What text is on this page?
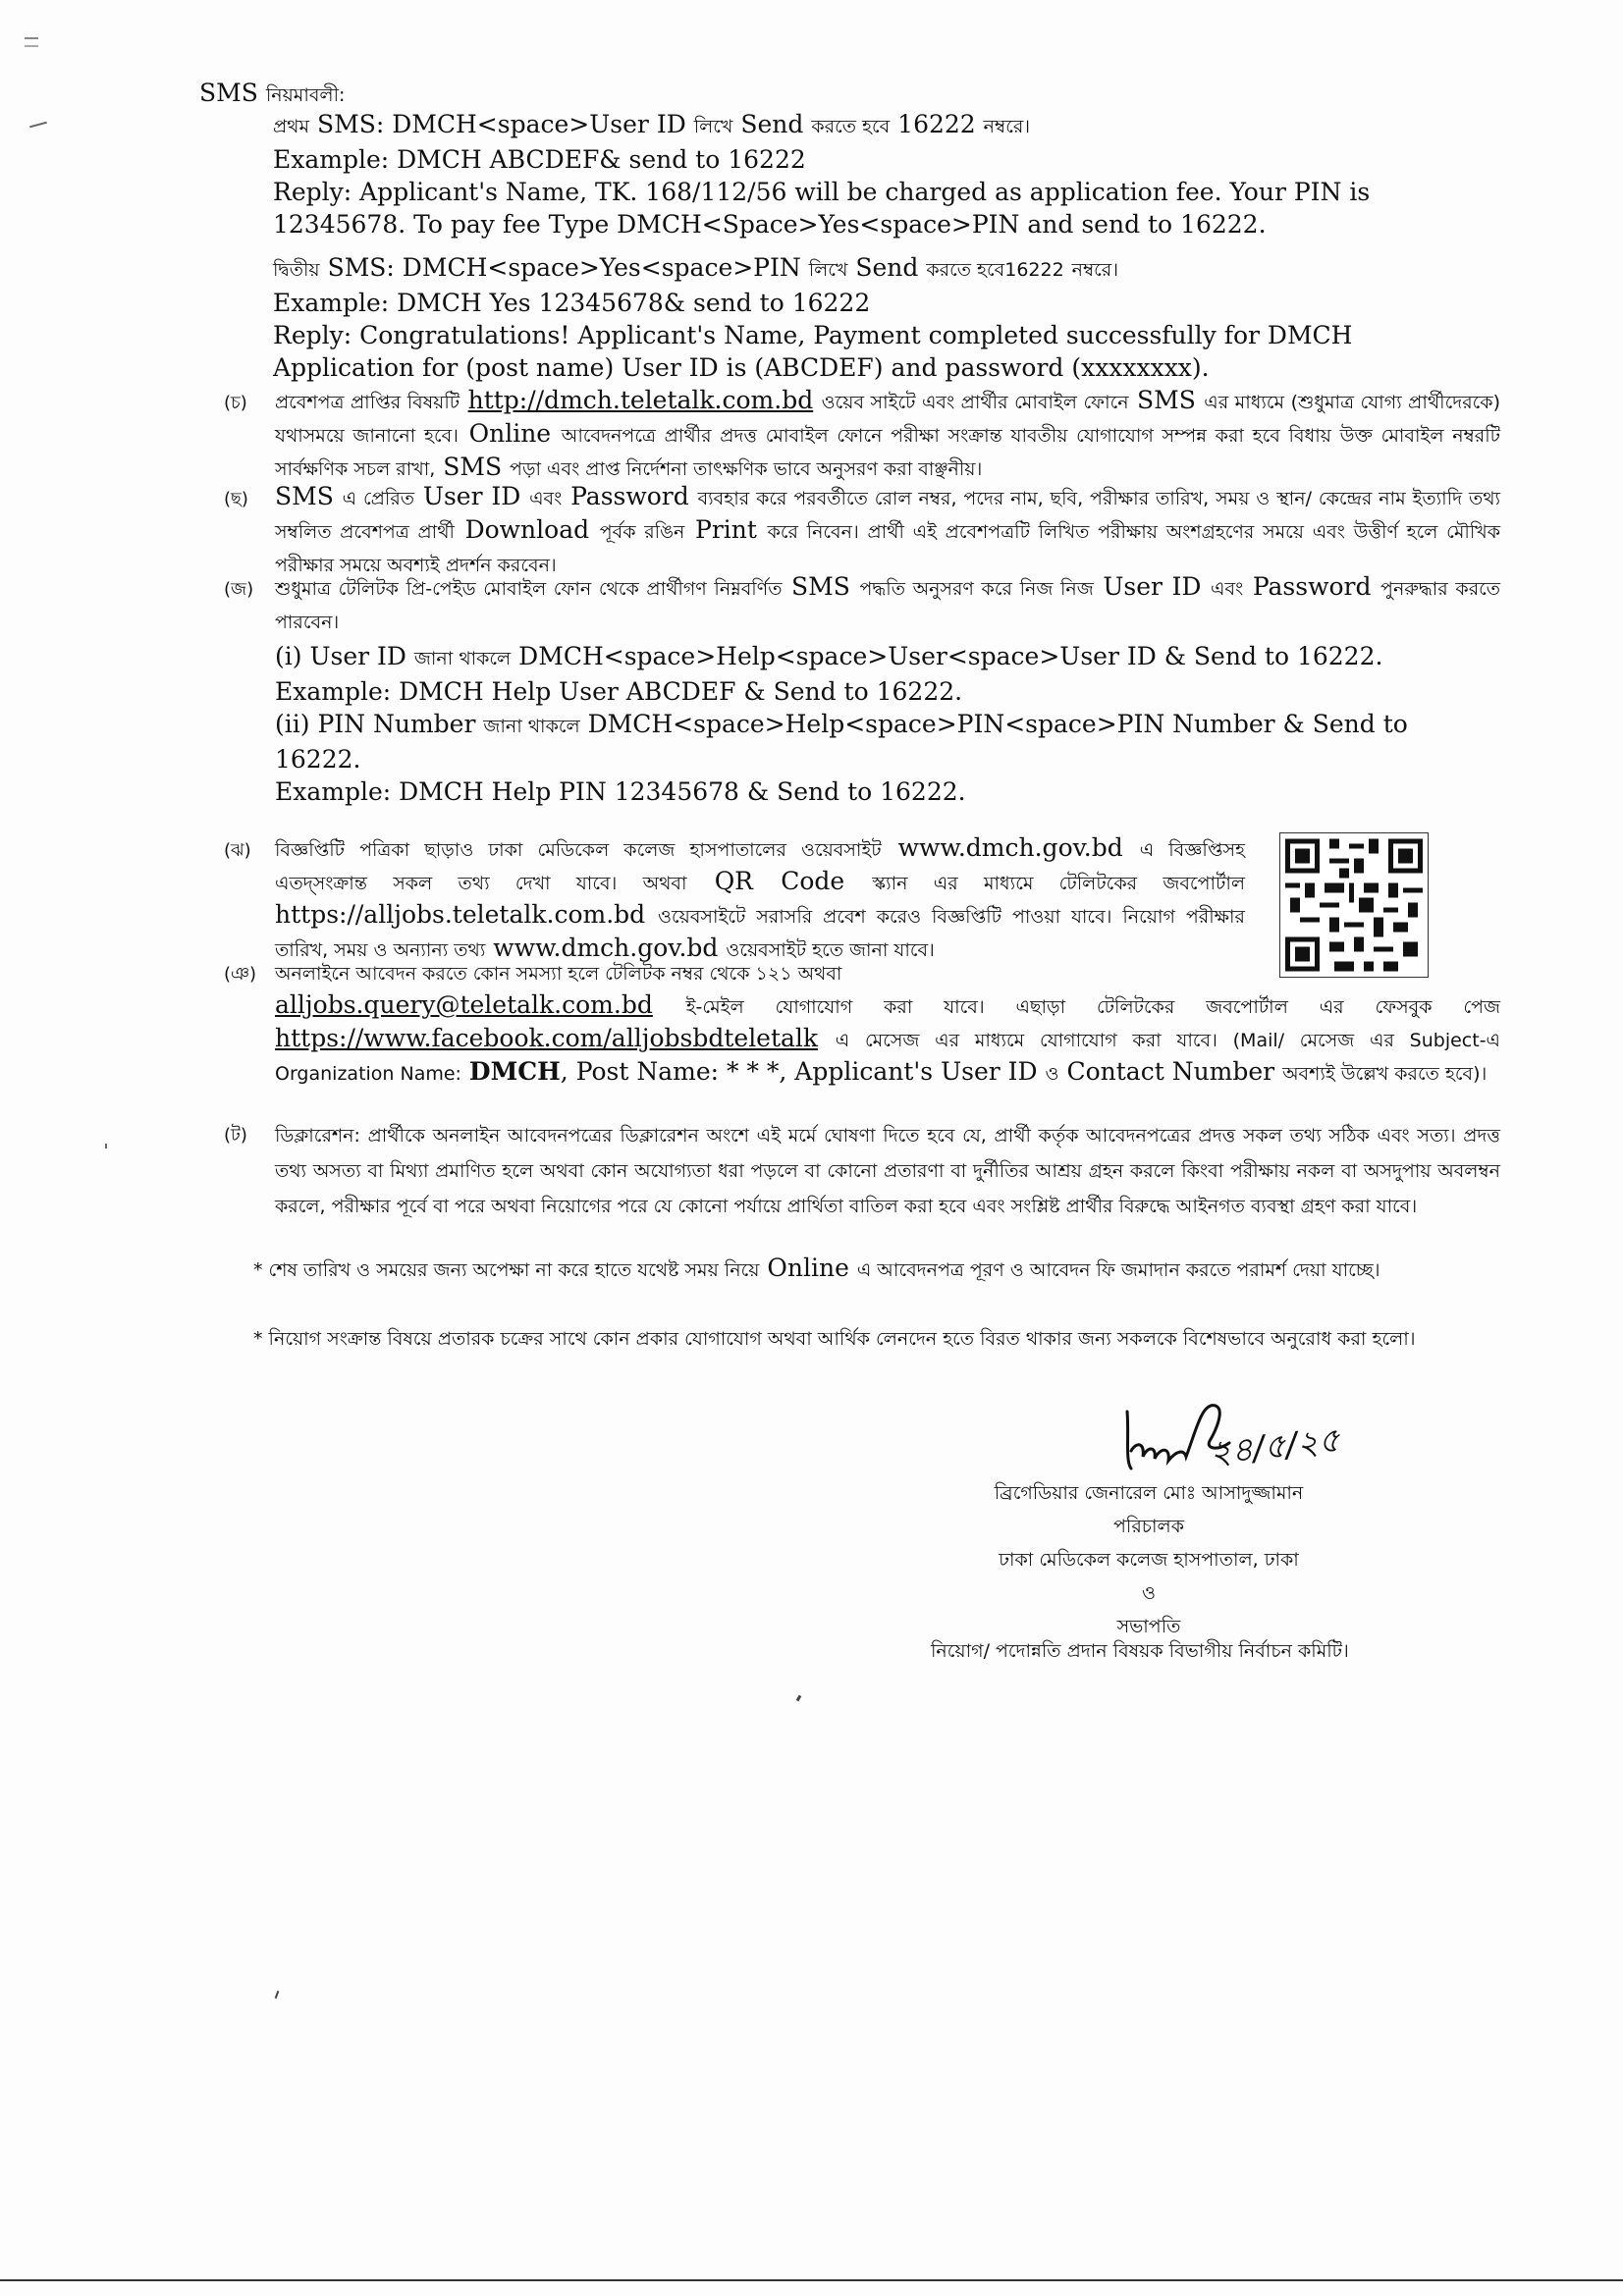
SMS নিয়মাবলী:
প্রথম SMS: DMCH<space>User ID লিখে Send করতে হবে 16222 নম্বরে।
Example: DMCH ABCDEF& send to 16222
Reply: Applicant's Name, TK. 168/112/56 will be charged as application fee. Your PIN is
12345678. To pay fee Type DMCH<Space>Yes<space>PIN and send to 16222.
দ্বিতীয় SMS: DMCH<space>Yes<space>PIN লিখে Send করতে হবে16222 নম্বরে।
Example: DMCH Yes 12345678& send to 16222
Reply: Congratulations! Applicant's Name, Payment completed successfully for DMCH
Application for (post name) User ID is (ABCDEF) and password (xxxxxxxx).
(চ)	প্রবেশপত্র প্রাপ্তির বিষয়টি http://dmch.teletalk.com.bd ওয়েব সাইটে এবং প্রার্থীর মোবাইল ফোনে SMS এর মাধ্যমে (শুধুমাত্র যোগ্য প্রার্থীদেরকে) যথাসময়ে জানানো হবে। Online আবেদনপত্রে প্রার্থীর প্রদত্ত মোবাইল ফোনে পরীক্ষা সংক্রান্ত যাবতীয় যোগাযোগ সম্পন্ন করা হবে বিধায় উক্ত মোবাইল নম্বরটি সার্বক্ষণিক সচল রাখা, SMS পড়া এবং প্রাপ্ত নির্দেশনা তাৎক্ষণিক ভাবে অনুসরণ করা বাঞ্ছনীয়।
(ছ)	SMS এ প্রেরিত User ID এবং Password ব্যবহার করে পরবর্তীতে রোল নম্বর, পদের নাম, ছবি, পরীক্ষার তারিখ, সময় ও স্থান/ কেন্দ্রের নাম ইত্যাদি তথ্য সম্বলিত প্রবেশপত্র প্রার্থী Download পূর্বক রঙিন Print করে নিবেন। প্রার্থী এই প্রবেশপত্রটি লিখিত পরীক্ষায় অংশগ্রহণের সময়ে এবং উত্তীর্ণ হলে মৌখিক পরীক্ষার সময়ে অবশ্যই প্রদর্শন করবেন।
(জ)	শুধুমাত্র টেলিটক প্রি-পেইড মোবাইল ফোন থেকে প্রার্থীগণ নিম্নবর্ণিত SMS পদ্ধতি অনুসরণ করে নিজ নিজ User ID এবং Password পুনরুদ্ধার করতে পারবেন।
(i) User ID জানা থাকলে DMCH<space>Help<space>User<space>User ID & Send to 16222.
Example: DMCH Help User ABCDEF & Send to 16222.
(ii) PIN Number জানা থাকলে DMCH<space>Help<space>PIN<space>PIN Number & Send to
16222.
Example: DMCH Help PIN 12345678 & Send to 16222.
(ঝ)	বিজ্ঞপ্তিটি পত্রিকা ছাড়াও ঢাকা মেডিকেল কলেজ হাসপাতালের ওয়েবসাইট www.dmch.gov.bd এ বিজ্ঞপ্তিসহ এতদ্সংক্রান্ত সকল তথ্য দেখা যাবে। অথবা QR Code স্ক্যান এর মাধ্যমে টেলিটকের জবপোর্টাল https://alljobs.teletalk.com.bd ওয়েবসাইটে সরাসরি প্রবেশ করেও বিজ্ঞপ্তিটি পাওয়া যাবে। নিয়োগ পরীক্ষার তারিখ, সময় ও অন্যান্য তথ্য www.dmch.gov.bd ওয়েবসাইট হতে জানা যাবে।
(ঞ) অনলাইনে আবেদন করতে কোন সমস্যা হলে টেলিটক নম্বর থেকে ১২১ অথবা
alljobs.query@teletalk.com.bd ই-মেইল যোগাযোগ করা যাবে। এছাড়া টেলিটকের জবপোর্টাল এর ফেসবুক পেজ https://www.facebook.com/alljobsbdteletalk এ মেসেজ এর মাধ্যমে যোগাযোগ করা যাবে। (Mail/ মেসেজ এর Subject-এ Organization Name: DMCH, Post Name: * * *, Applicant's User ID ও Contact Number অবশ্যই উল্লেখ করতে হবে)।
(ট)	ডিক্লারেশন: প্রার্থীকে অনলাইন আবেদনপত্রের ডিক্লারেশন অংশে এই মর্মে ঘোষণা দিতে হবে যে, প্রার্থী কর্তৃক আবেদনপত্রের প্রদত্ত সকল তথ্য সঠিক এবং সত্য। প্রদত্ত তথ্য অসত্য বা মিথ্যা প্রমাণিত হলে অথবা কোন অযোগ্যতা ধরা পড়লে বা কোনো প্রতারণা বা দুর্নীতির আশ্রয় গ্রহন করলে কিংবা পরীক্ষায় নকল বা অসদুপায় অবলম্বন করলে, পরীক্ষার পূর্বে বা পরে অথবা নিয়োগের পরে যে কোনো পর্যায়ে প্রার্থিতা বাতিল করা হবে এবং সংশ্লিষ্ট প্রার্থীর বিরুদ্ধে আইনগত ব্যবস্থা গ্রহণ করা যাবে।
* শেষ তারিখ ও সময়ের জন্য অপেক্ষা না করে হাতে যথেষ্ট সময় নিয়ে Online এ আবেদনপত্র পূরণ ও আবেদন ফি জমাদান করতে পরামর্শ দেয়া যাচ্ছে।
* নিয়োগ সংক্রান্ত বিষয়ে প্রতারক চক্রের সাথে কোন প্রকার যোগাযোগ অথবা আর্থিক লেনদেন হতে বিরত থাকার জন্য সকলকে বিশেষভাবে অনুরোধ করা হলো।
২৪/৫/২৫
ব্রিগেডিয়ার জেনারেল মোঃ আসাদুজ্জামান
পরিচালক
ঢাকা মেডিকেল কলেজ হাসপাতাল, ঢাকা
ও
সভাপতি
নিয়োগ/ পদোন্নতি প্রদান বিষয়ক বিভাগীয় নির্বাচন কমিটি।
